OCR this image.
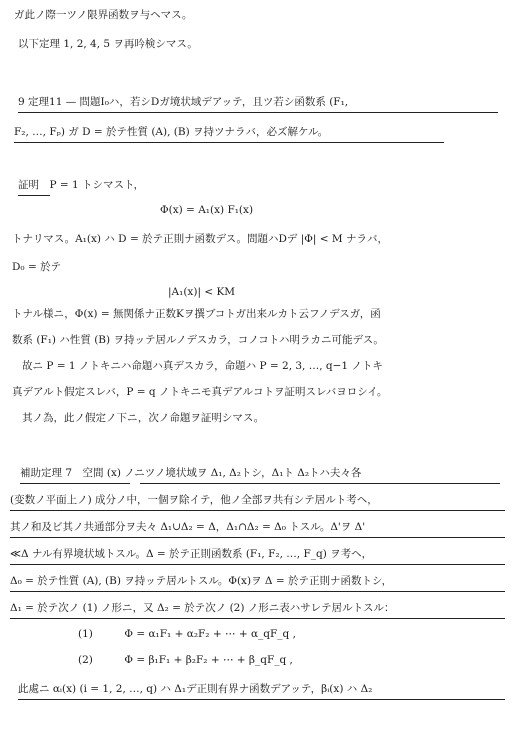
ガ此ノ際一ツノ限界函数ヲ与ヘマス。
以下定理 1, 2, 4, 5 ヲ再吟検シマス。
9 定理11 — 問題I₀ハ，若シDガ境状域デアッテ，且ツ若シ函数系 (F₁,
F₂, …, Fₚ) ガ D = 於テ性質 (A), (B) ヲ持ツナラバ，必ズ解ケル。
証明　P = 1 トシマスト，
Φ(x) = A₁(x) F₁(x)
トナリマス。A₁(x) ハ D = 於テ正則ナ函数デス。問題ハDデ |Φ| < M ナラバ，
D₀ = 於テ
|A₁(x)| < KM
トナル様ニ，Φ(x) = 無関係ナ正数Kヲ撰ブコトガ出来ルカト云フノデスガ，函
数系 (F₁) ハ性質 (B) ヲ持ッテ居ルノデスカラ，コノコトハ明ラカニ可能デス。
故ニ P = 1 ノトキニハ命題ハ真デスカラ，命題ハ P = 2, 3, …, q−1 ノトキ
真デアルト假定スレバ，P = q ノトキニモ真デアルコトヲ証明スレバヨロシイ。
其ノ為，此ノ假定ノ下ニ，次ノ命題ヲ証明シマス。
補助定理 7　空間 (x) ノニツノ境状域ヲ Δ₁, Δ₂トシ，Δ₁ト Δ₂トハ夫々各
(变数ノ平面上ノ) 成分ノ中，一個ヲ除イテ，他ノ全部ヲ共有シテ居ルト考ヘ，
其ノ和及ビ其ノ共通部分ヲ夫々 Δ₁∪Δ₂ = Δ，Δ₁∩Δ₂ = Δ₀ トスル。Δ'ヲ Δ'
≪Δ ナル有界境状域トスル。Δ = 於テ正則函数系 (F₁, F₂, …, F_q) ヲ考ヘ，
Δ₀ = 於テ性質 (A), (B) ヲ持ッテ居ルトスル。Φ(x)ヲ Δ = 於テ正則ナ函数トシ，
Δ₁ = 於テ次ノ (1) ノ形ニ，又 Δ₂ = 於テ次ノ (2) ノ形ニ表ハサレテ居ルトスル：
(1)　　　Φ = α₁F₁ + α₂F₂ + ⋯ + α_qF_q ,
(2)　　　Φ = β₁F₁ + β₂F₂ + ⋯ + β_qF_q ,
此處ニ αᵢ(x) (i = 1, 2, …, q) ハ Δ₁デ正則有界ナ函数デアッテ，βᵢ(x) ハ Δ₂
